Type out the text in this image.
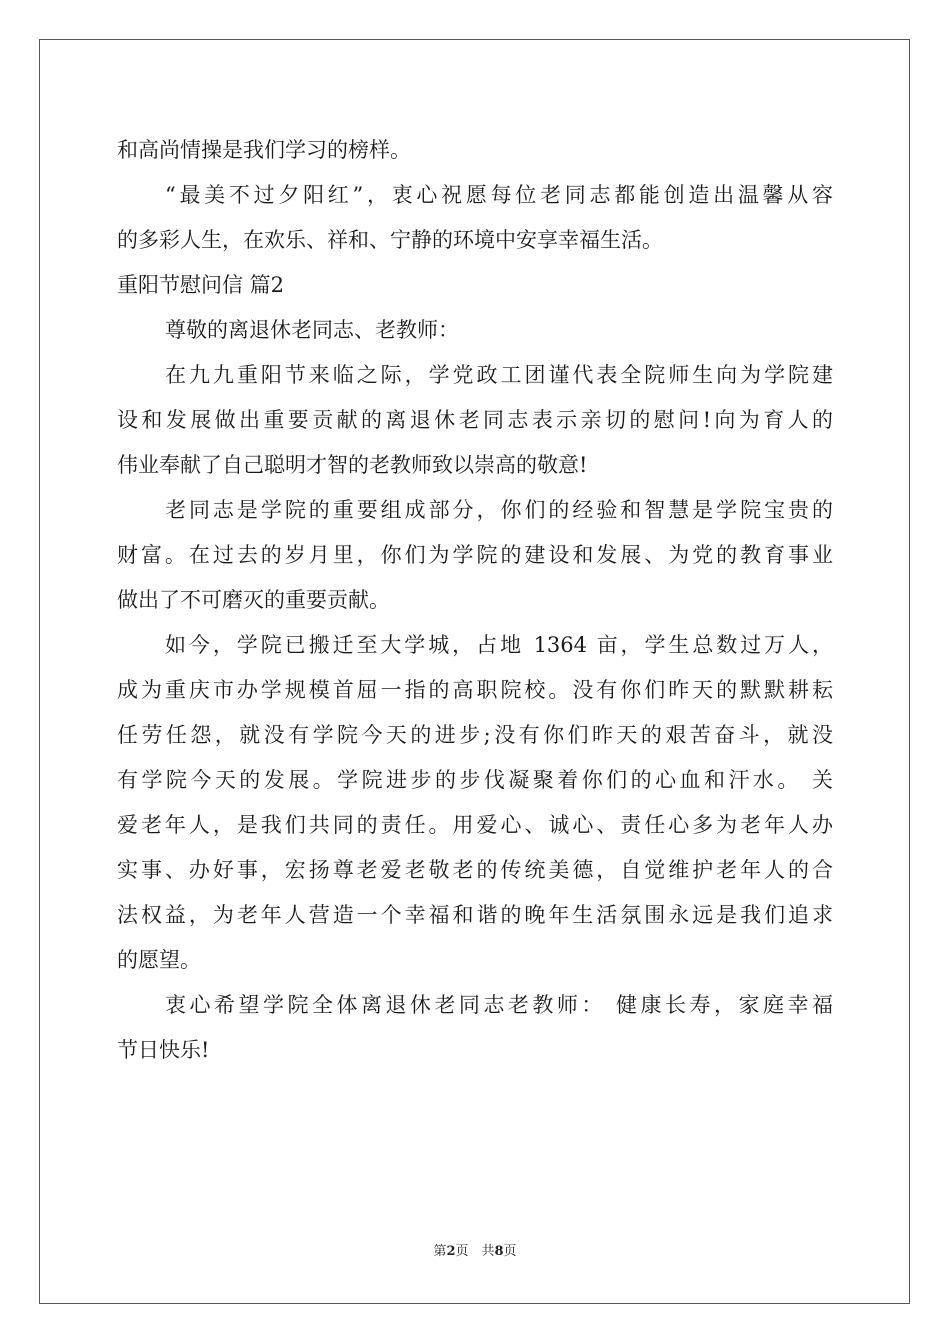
和高尚情操是我们学习的榜样。
“最美不过夕阳红”，衷心祝愿每位老同志都能创造出温馨从容
的多彩人生，在欢乐、祥和、宁静的环境中安享幸福生活。
重阳节慰问信 篇2
尊敬的离退休老同志、老教师：
在九九重阳节来临之际，学党政工团谨代表全院师生向为学院建
设和发展做出重要贡献的离退休老同志表示亲切的慰问!向为育人的
伟业奉献了自己聪明才智的老教师致以崇高的敬意!
老同志是学院的重要组成部分，你们的经验和智慧是学院宝贵的
财富。在过去的岁月里，你们为学院的建设和发展、为党的教育事业
做出了不可磨灭的重要贡献。
如今，学院已搬迁至大学城，占地 1364 亩，学生总数过万人，
成为重庆市办学规模首屈一指的高职院校。没有你们昨天的默默耕耘
任劳任怨，就没有学院今天的进步;没有你们昨天的艰苦奋斗，就没
有学院今天的发展。学院进步的步伐凝聚着你们的心血和汗水。 关
爱老年人，是我们共同的责任。用爱心、诚心、责任心多为老年人办
实事、办好事，宏扬尊老爱老敬老的传统美德，自觉维护老年人的合
法权益，为老年人营造一个幸福和谐的晚年生活氛围永远是我们追求
的愿望。
衷心希望学院全体离退休老同志老教师： 健康长寿，家庭幸福
节日快乐!
第2页　共8页
